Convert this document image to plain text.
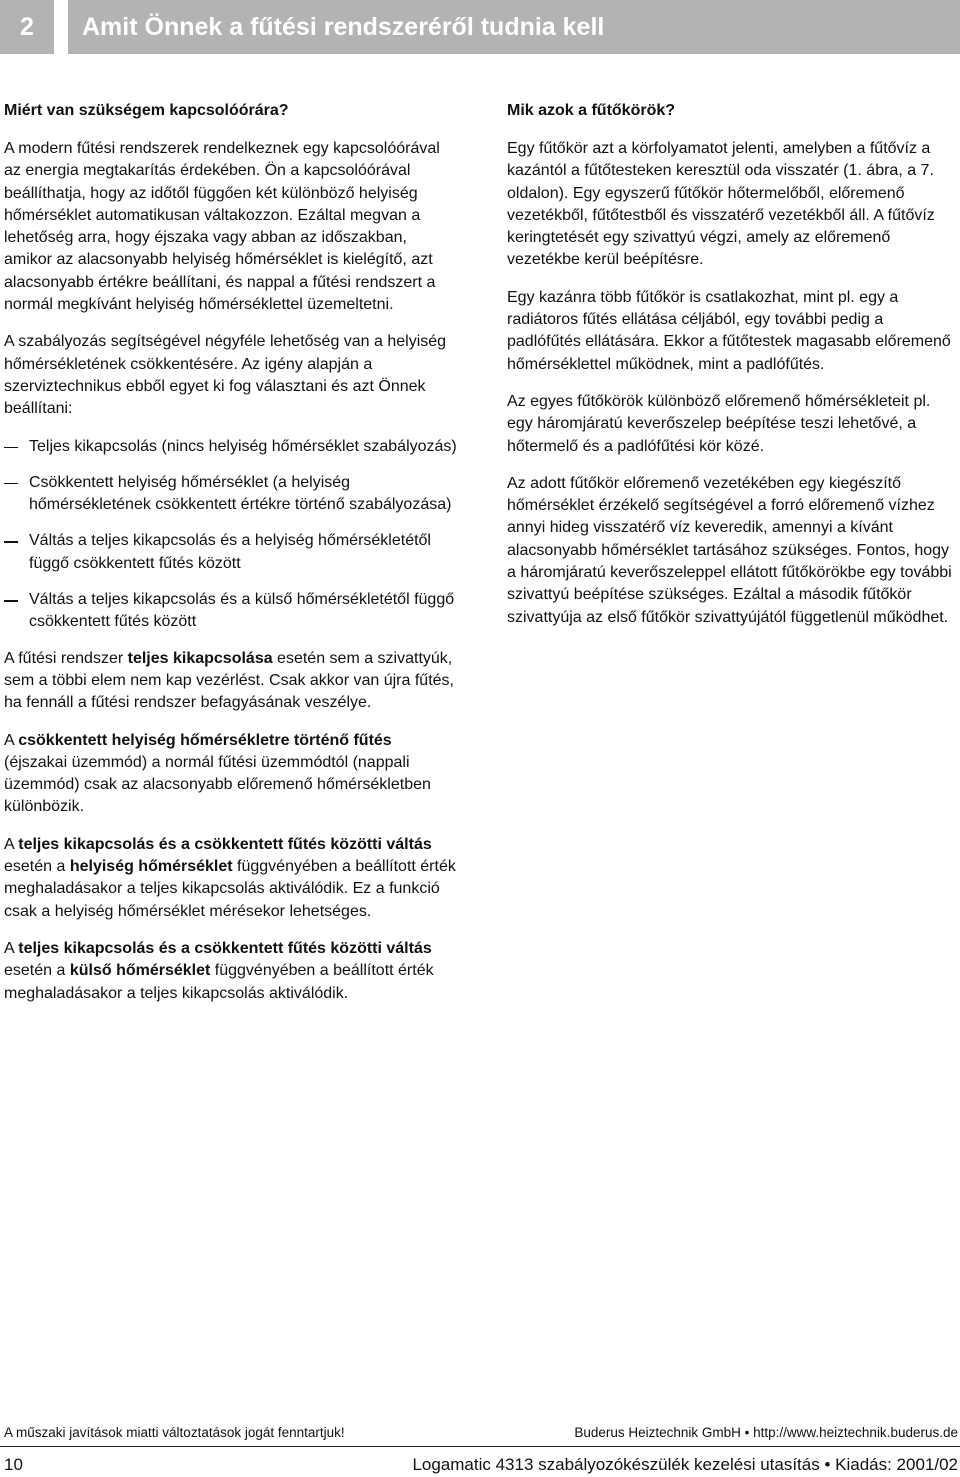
2	Amit Önnek a fűtési rendszeréről tudnia kell
Miért van szükségem kapcsolóórára?

A modern fűtési rendszerek rendelkeznek egy kapcsolóórával az energia megtakarítás érdekében. Ön a kapcsolóórával beállíthatja, hogy az időtől függően két különböző helyiség hőmérséklet automatikusan váltakozzon. Ezáltal megvan a lehetőség arra, hogy éjszaka vagy abban az időszakban, amikor az alacsonyabb helyiség hőmérséklet is kielégítő, azt alacsonyabb értékre beállítani, és nappal a fűtési rendszert a normál megkívánt helyiség hőmérséklettel üzemeltetni.

A szabályozás segítségével négyféle lehetőség van a helyiség hőmérsékletének csökkentésére. Az igény alapján a szerviztechnikus ebből egyet ki fog választani és azt Önnek beállítani:

Teljes kikapcsolás (nincs helyiség hőmérséklet szabályozás)
Csökkentett helyiség hőmérséklet (a helyiség hőmérsékletének csökkentett értékre történő szabályozása)
Váltás a teljes kikapcsolás és a helyiség hőmérsékletétől függő csökkentett fűtés között
Váltás a teljes kikapcsolás és a külső hőmérsékletétől függő csökkentett fűtés között

A fűtési rendszer teljes kikapcsolása esetén sem a szivattyúk, sem a többi elem nem kap vezérlést. Csak akkor van újra fűtés, ha fennáll a fűtési rendszer befagyásának veszélye.

A csökkentett helyiség hőmérsékletre történő fűtés (éjszakai üzemmód) a normál fűtési üzemmódtól (nappali üzemmód) csak az alacsonyabb előremenő hőmérsékletben különbözik.

A teljes kikapcsolás és a csökkentett fűtés közötti váltás esetén a helyiség hőmérséklet függvényében a beállított érték meghaladásakor a teljes kikapcsolás aktiválódik. Ez a funkció csak a helyiség hőmérséklet mérésekor lehetséges.

A teljes kikapcsolás és a csökkentett fűtés közötti váltás esetén a külső hőmérséklet függvényében a beállított érték meghaladásakor a teljes kikapcsolás aktiválódik.

Mik azok a fűtőkörök?

Egy fűtőkör azt a körfolyamatot jelenti, amelyben a fűtővíz a kazántól a fűtőtesteken keresztül oda visszatér (1. ábra, a 7. oldalon). Egy egyszerű fűtőkör hőtermelőből, előremenő vezetékből, fűtőtestből és visszatérő vezetékből áll. A fűtővíz keringtetését egy szivattyú végzi, amely az előremenő vezetékbe kerül beépítésre.

Egy kazánra több fűtőkör is csatlakozhat, mint pl. egy a radiátoros fűtés ellátása céljából, egy további pedig a padlófűtés ellátására. Ekkor a fűtőtestek magasabb előremenő hőmérséklettel működnek, mint a padlófűtés.

Az egyes fűtőkörök különböző előremenő hőmérsékleteit pl. egy háromjáratú keverőszelep beépítése teszi lehetővé, a hőtermelő és a padlófűtési kör közé.

Az adott fűtőkör előremenő vezetékében egy kiegészítő hőmérséklet érzékelő segítségével a forró előremenő vízhez annyi hideg visszatérő víz keveredik, amennyi a kívánt alacsonyabb hőmérséklet tartásához szükséges. Fontos, hogy a háromjáratú keverőszeleppel ellátott fűtőkörökbe egy további szivattyú beépítése szükséges. Ezáltal a második fűtőkör szivattyúja az első fűtőkör szivattyújától függetlenül működhet.

A műszaki javítások miatti változtatások jogát fenntartjuk!	Buderus Heiztechnik GmbH • http://www.heiztechnik.buderus.de
10	Logamatic 4313 szabályozókészülék kezelési utasítás • Kiadás: 2001/02
